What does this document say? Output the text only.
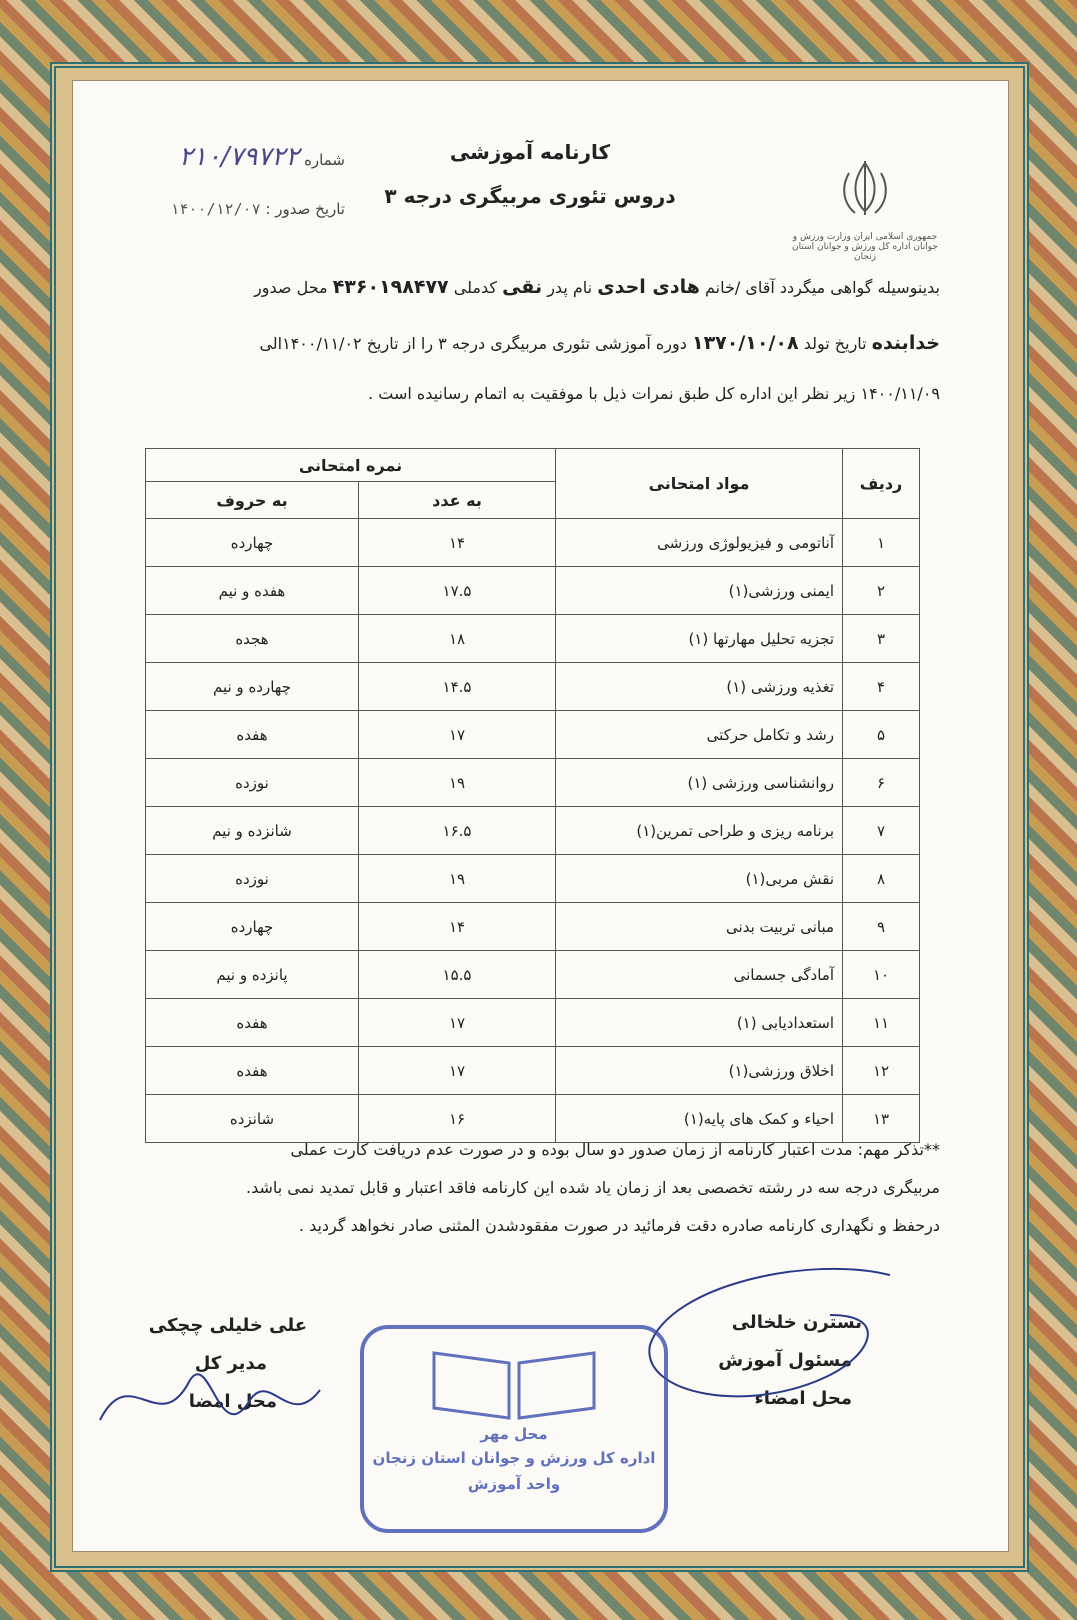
جمهوری اسلامی ایران وزارت ورزش و جوانان اداره کل ورزش و جوانان استان زنجان
کارنامه آموزشی
دروس تئوری مربیگری درجه ۳
شماره ۲۱۰/۷۹۷۲۲
تاریخ صدور : ۱۴۰۰/۱۲/۰۷
بدینوسیله گواهی میگردد آقای /خانم هادی احدی نام پدر نقی کدملی ۴۳۶۰۱۹۸۴۷۷ محل صدور
خدابنده تاریخ تولد ۱۳۷۰/۱۰/۰۸ دوره آموزشی تئوری مربیگری درجه ۳ را از تاریخ ۱۴۰۰/۱۱/۰۲الی
۱۴۰۰/۱۱/۰۹ زیر نظر این اداره کل طبق نمرات ذیل با موفقیت به اتمام رسانیده است .
ردیف	مواد امتحانی	نمره امتحانی	
		به عدد	به حروف
۱	آناتومی و فیزیولوژی ورزشی	۱۴	چهارده
۲	ایمنی ورزشی(۱)	۱۷.۵	هفده و نیم
۳	تجزیه تحلیل مهارتها (۱)	۱۸	هجده
۴	تغذیه ورزشی (۱)	۱۴.۵	چهارده و نیم
۵	رشد و تکامل حرکتی	۱۷	هفده
۶	روانشناسی ورزشی (۱)	۱۹	نوزده
۷	برنامه ریزی و طراحی تمرین(۱)	۱۶.۵	شانزده و نیم
۸	نقش مربی(۱)	۱۹	نوزده
۹	مبانی تربیت بدنی	۱۴	چهارده
۱۰	آمادگی جسمانی	۱۵.۵	پانزده و نیم
۱۱	استعدادیابی (۱)	۱۷	هفده
۱۲	اخلاق ورزشی(۱)	۱۷	هفده
۱۳	احیاء و کمک های پایه(۱)	۱۶	شانزده
**تذکر مهم: مدت اعتبار کارنامه از زمان صدور دو سال بوده و در صورت عدم دریافت کارت عملی
مربیگری درجه سه در رشته تخصصی بعد از زمان یاد شده این کارنامه فاقد اعتبار و قابل تمدید نمی باشد.
درحفظ و نگهداری کارنامه صادره دقت فرمائید در صورت مفقودشدن المثنی صادر نخواهد گردید .
نسترن خلخالی
مسئول آموزش
محل امضاء
علی خلیلی چچکی
مدیر کل
محل امضا
محل مهر
اداره کل ورزش و جوانان استان زنجان
واحد آموزش
